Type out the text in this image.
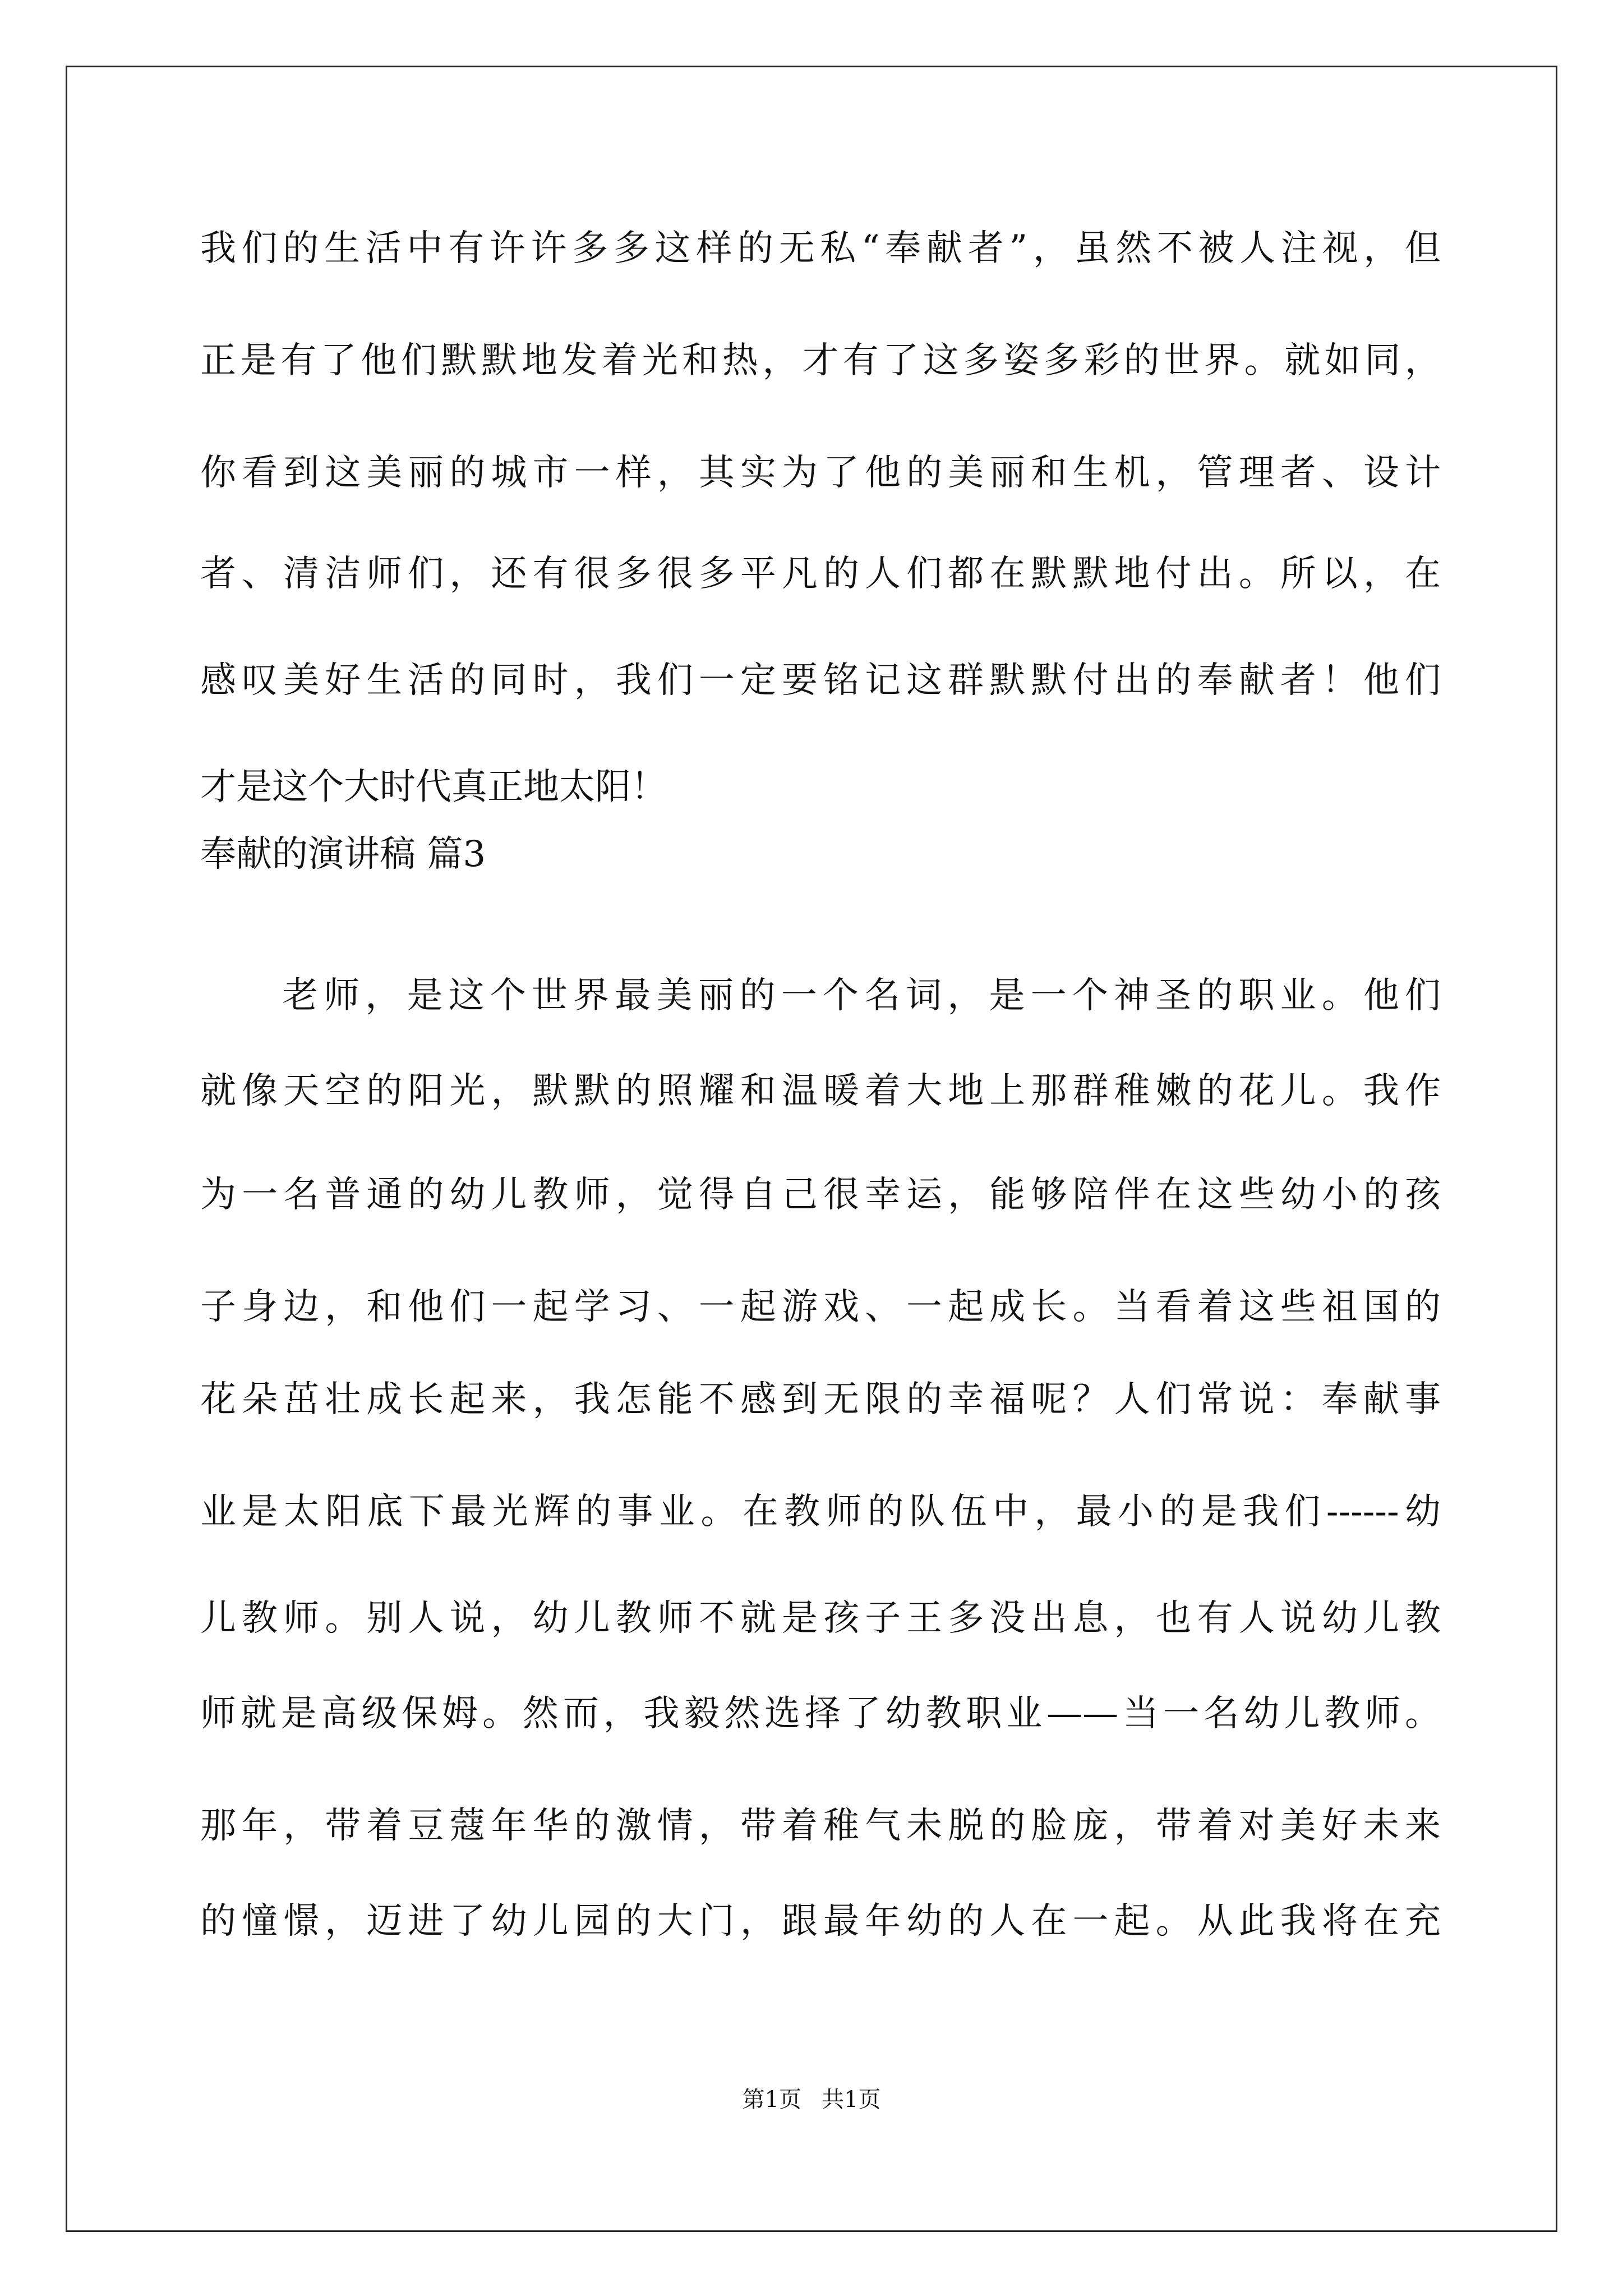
我们的生活中有许许多多这样的无私“奉献者”，虽然不被人注视，但
正是有了他们默默地发着光和热，才有了这多姿多彩的世界。就如同，
你看到这美丽的城市一样，其实为了他的美丽和生机，管理者、设计
者、清洁师们，还有很多很多平凡的人们都在默默地付出。所以，在
感叹美好生活的同时，我们一定要铭记这群默默付出的奉献者！他们
才是这个大时代真正地太阳！
奉献的演讲稿 篇3
老师，是这个世界最美丽的一个名词，是一个神圣的职业。他们
就像天空的阳光，默默的照耀和温暖着大地上那群稚嫩的花儿。我作
为一名普通的幼儿教师，觉得自己很幸运，能够陪伴在这些幼小的孩
子身边，和他们一起学习、一起游戏、一起成长。当看着这些祖国的
花朵茁壮成长起来，我怎能不感到无限的幸福呢？人们常说：奉献事
业是太阳底下最光辉的事业。在教师的队伍中，最小的是我们------幼
儿教师。别人说，幼儿教师不就是孩子王多没出息，也有人说幼儿教
师就是高级保姆。然而，我毅然选择了幼教职业——当一名幼儿教师。
那年，带着豆蔻年华的激情，带着稚气未脱的脸庞，带着对美好未来
的憧憬，迈进了幼儿园的大门，跟最年幼的人在一起。从此我将在充
第1页 共1页
